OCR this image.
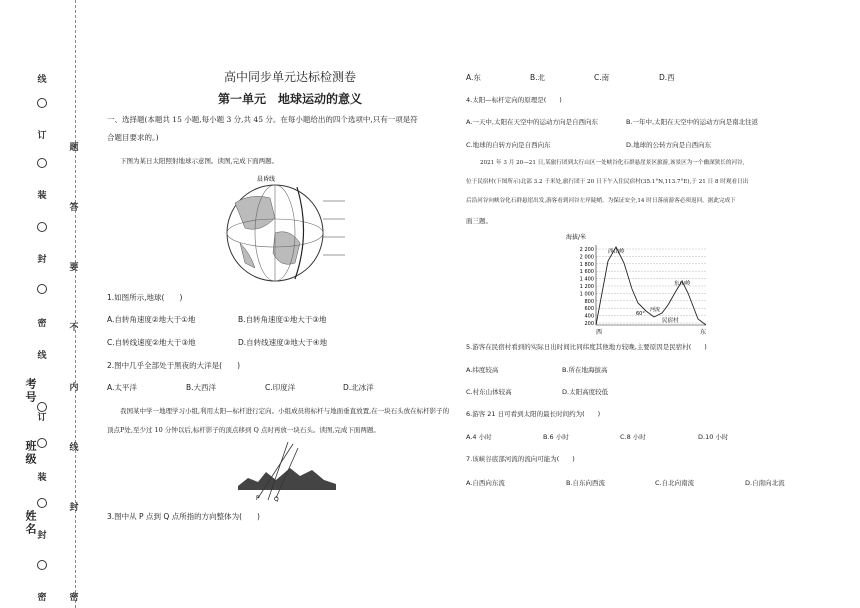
考号
班级
姓名
高中同步单元达标检测卷
第一单元　地球运动的意义
一、选择题(本题共 15 小题,每小题 3 分,共 45 分。在每小题给出的四个选项中,只有一项是符
合题目要求的。)
下图为某日太阳照射地球示意图。读图,完成下面两题。
晨昏线
1.如图所示,地球(　　)
A.自转角速度②地大于①地	B.自转角速度①地大于③地
C.自转线速度②地大于③地	D.自转线速度③地大于④地
2.图中几乎全部处于黑夜的大洋是(　　)
A.太平洋	B.大西洋	C.印度洋	D.北冰洋
我国某中学一地理学习小组,利用太阳—标杆进行定向。小组成员将标杆与地面垂直放置,在一块石头放在标杆影子的顶点P处,至少过 10 分钟以后,标杆影子的顶点移到 Q 点时再放一块石头。读图,完成下面两题。
P Q
3.图中从 P 点到 Q 点所指的方向整体为(　　)
A.东	B.北	C.南	D.西
4.太阳—标杆定向的原理是(　　)
A.一天中,太阳在天空中的运动方向是自西向东	B.一年中,太阳在天空中的运动方向是南北往返
C.地球的自转方向是自西向东	D.地球的公转方向是自西向东
2021 年 3 月 20—21 日,某旅行团到太行山区一处峡谷化石群悬崖景区旅游,该景区为一个幽深狭长的河谷,
位于民宿村(下图所示)北部 3.2 千米处,旅行团于 20 日下午入住民宿村(35.1°N,113.7°E),于 21 日 8 时观看日出
后沿河谷向峡谷化石群悬崖出发,游客看到河谷左岸陡峭。为保证安全,14 时日落前游客必须返回。据此完成下
面三题。
海拔/米
2 200
2 000
1 800
1 600
1 400
1 200
1 000
800
600
400
200
西山岭
东山岭
60°
河流
民宿村
西	东
5.游客在民宿村看到的实际日出时间比同纬度其他地方较晚,主要原因是民宿村(　　)
A.纬度较高	B.所在地海拔高
C.村东山体较高	D.太阳高度较低
6.游客 21 日可看到太阳的最长时间约为(　　)
A.4 小时	B.6 小时	C.8 小时	D.10 小时
7.该峡谷底部河流的流向可能为(　　)
A.自西向东流	B.自东向西流	C.自北向南流	D.自南向北流
线
订
装
封
密
线
订
装
封
密
题
答
要
不
内
线
封
密
